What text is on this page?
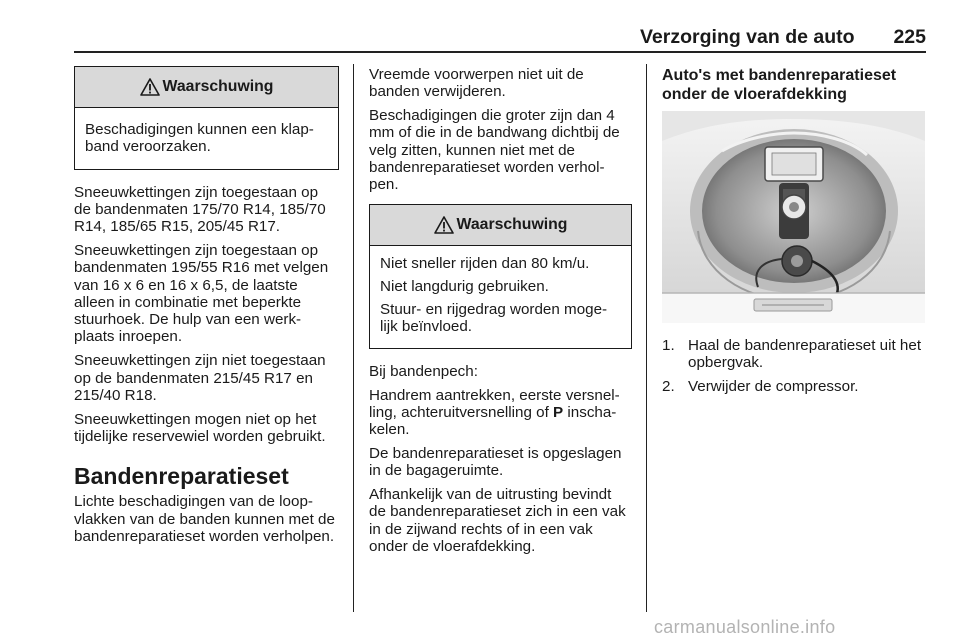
Verzorging van de auto	225
Waarschuwing

Beschadigingen kunnen een klap-band veroorzaken.

Sneeuwkettingen zijn toegestaan op de bandenmaten 175/70 R14, 185/70 R14, 185/65 R15, 205/45 R17.

Sneeuwkettingen zijn toegestaan op bandenmaten 195/55 R16 met velgen van 16 x 6 en 16 x 6,5, de laatste alleen in combinatie met beperkte stuurhoek. De hulp van een werk-plaats inroepen.

Sneeuwkettingen zijn niet toegestaan op de bandenmaten 215/45 R17 en 215/40 R18.

Sneeuwkettingen mogen niet op het tijdelijke reservewiel worden gebruikt.

Bandenreparatieset

Lichte beschadigingen van de loop-vlakken van de banden kunnen met de bandenreparatieset worden verholpen.

Vreemde voorwerpen niet uit de banden verwijderen.

Beschadigingen die groter zijn dan 4 mm of die in de bandwang dichtbij de velg zitten, kunnen niet met de bandenreparatieset worden verhol-pen.

Waarschuwing

Niet sneller rijden dan 80 km/u.

Niet langdurig gebruiken.

Stuur- en rijgedrag worden moge-lijk beïnvloed.

Bij bandenpech:

Handrem aantrekken, eerste versnel-ling, achteruitversnelling of P inscha-kelen.

De bandenreparatieset is opgeslagen in de bagageruimte.

Afhankelijk van de uitrusting bevindt de bandenreparatieset zich in een vak in de zijwand rechts of in een vak onder de vloerafdekking.

Auto's met bandenreparatieset onder de vloerafdekking
1. Haal de bandenreparatieset uit het opbergvak.
2. Verwijder de compressor.
carmanualsonline.info
